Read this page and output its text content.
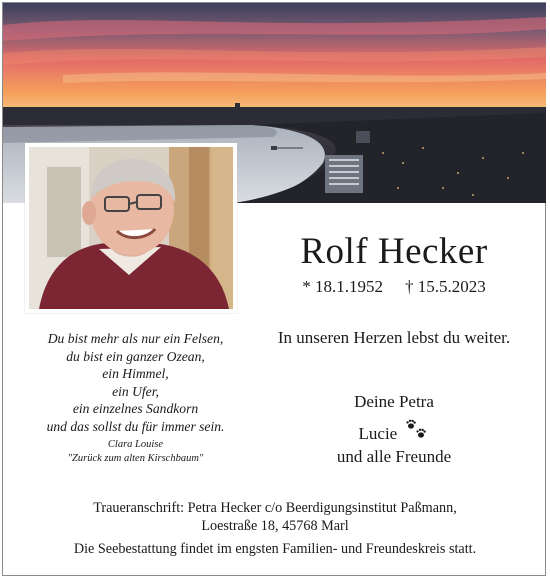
Rolf Hecker
* 18.1.1952 † 15.5.2023
Du bist mehr als nur ein Felsen,
du bist ein ganzer Ozean,
ein Himmel,
ein Ufer,
ein einzelnes Sandkorn
und das sollst du für immer sein.
Clara Louise
"Zurück zum alten Kirschbaum"
In unseren Herzen lebst du weiter.
Deine Petra
Lucie
und alle Freunde
Traueranschrift: Petra Hecker c/o Beerdigungsinstitut Paßmann,
Loestraße 18, 45768 Marl
Die Seebestattung findet im engsten Familien- und Freundeskreis statt.
